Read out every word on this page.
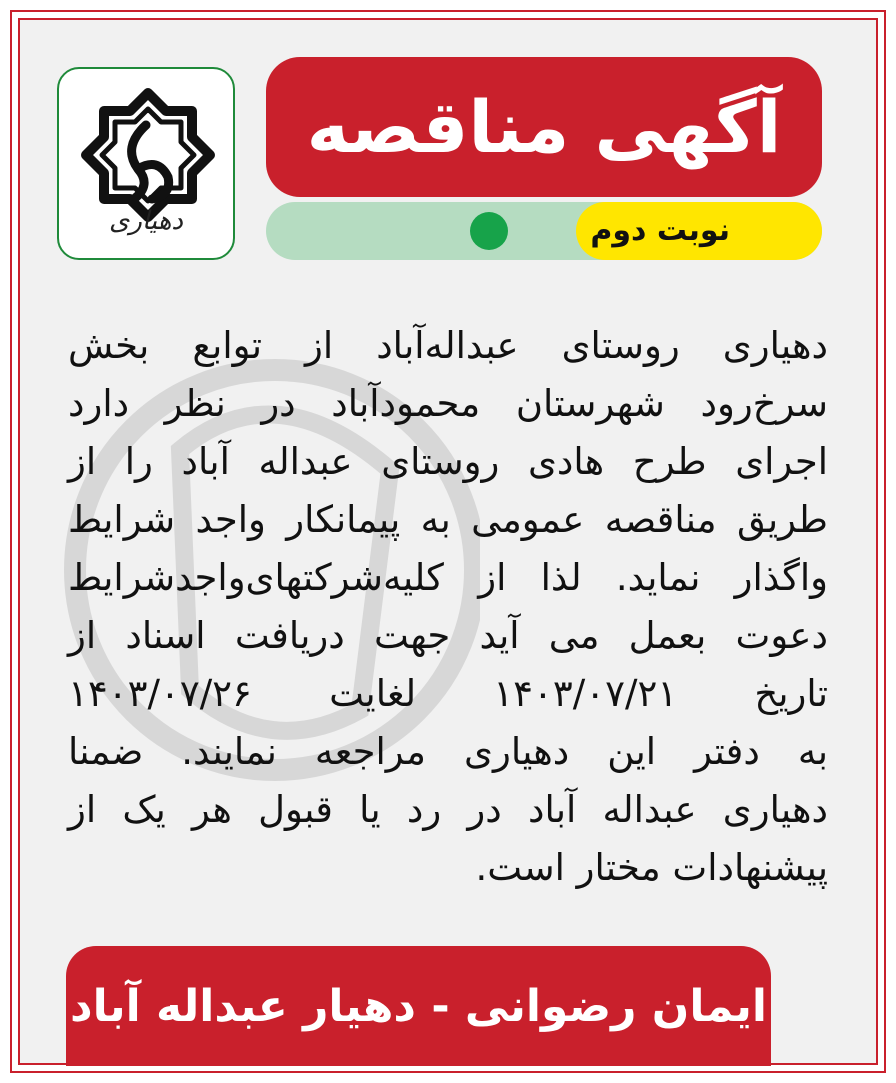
دهیاری
آگهی مناقصه
نوبت دوم
دهیاری روستای عبداله‌آباد از توابع بخش
سرخ‌رود شهرستان محمودآباد در نظر دارد
اجرای طرح هادی روستای عبداله آباد را از
طریق مناقصه عمومی به پیمانکار واجد شرایط
واگذار نماید. لذا از کلیه‌شرکتهای‌واجدشرایط
دعوت بعمل می آید جهت دریافت اسناد از
تاریخ ۱۴۰۳/۰۷/۲۱ لغایت ۱۴۰۳/۰۷/۲۶
به دفتر این دهیاری مراجعه نمایند. ضمنا
دهیاری عبداله آباد در رد یا قبول هر یک از
پیشنهادات مختار است.
ایمان رضوانی - دهیار عبداله آباد
